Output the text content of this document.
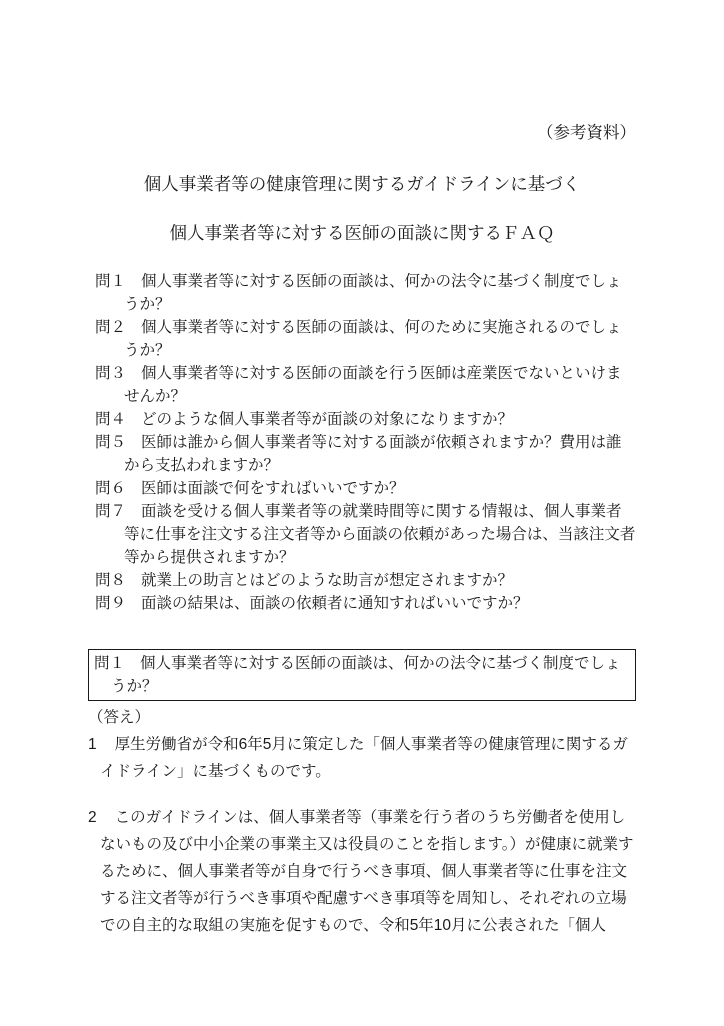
（参考資料）
個人事業者等の健康管理に関するガイドラインに基づく
個人事業者等に対する医師の面談に関するＦＡＱ
問１ 個人事業者等に対する医師の面談は、何かの法令に基づく制度でしょうか？
問２ 個人事業者等に対する医師の面談は、何のために実施されるのでしょうか？
問３ 個人事業者等に対する医師の面談を行う医師は産業医でないといけませんか？
問４ どのような個人事業者等が面談の対象になりますか？
問５ 医師は誰から個人事業者等に対する面談が依頼されますか？費用は誰から支払われますか？
問６ 医師は面談で何をすればいいですか？
問７ 面談を受ける個人事業者等の就業時間等に関する情報は、個人事業者等に仕事を注文する注文者等から面談の依頼があった場合は、当該注文者等から提供されますか？
問８ 就業上の助言とはどのような助言が想定されますか？
問９ 面談の結果は、面談の依頼者に通知すればいいですか？
問１ 個人事業者等に対する医師の面談は、何かの法令に基づく制度でしょうか？
（答え）
1 厚生労働省が令和6年5月に策定した「個人事業者等の健康管理に関するガイドライン」に基づくものです。
2 このガイドラインは、個人事業者等（事業を行う者のうち労働者を使用しないもの及び中小企業の事業主又は役員のことを指します。）が健康に就業するために、個人事業者等が自身で行うべき事項、個人事業者等に仕事を注文する注文者等が行うべき事項や配慮すべき事項等を周知し、それぞれの立場での自主的な取組の実施を促すもので、令和5年10月に公表された「個人
